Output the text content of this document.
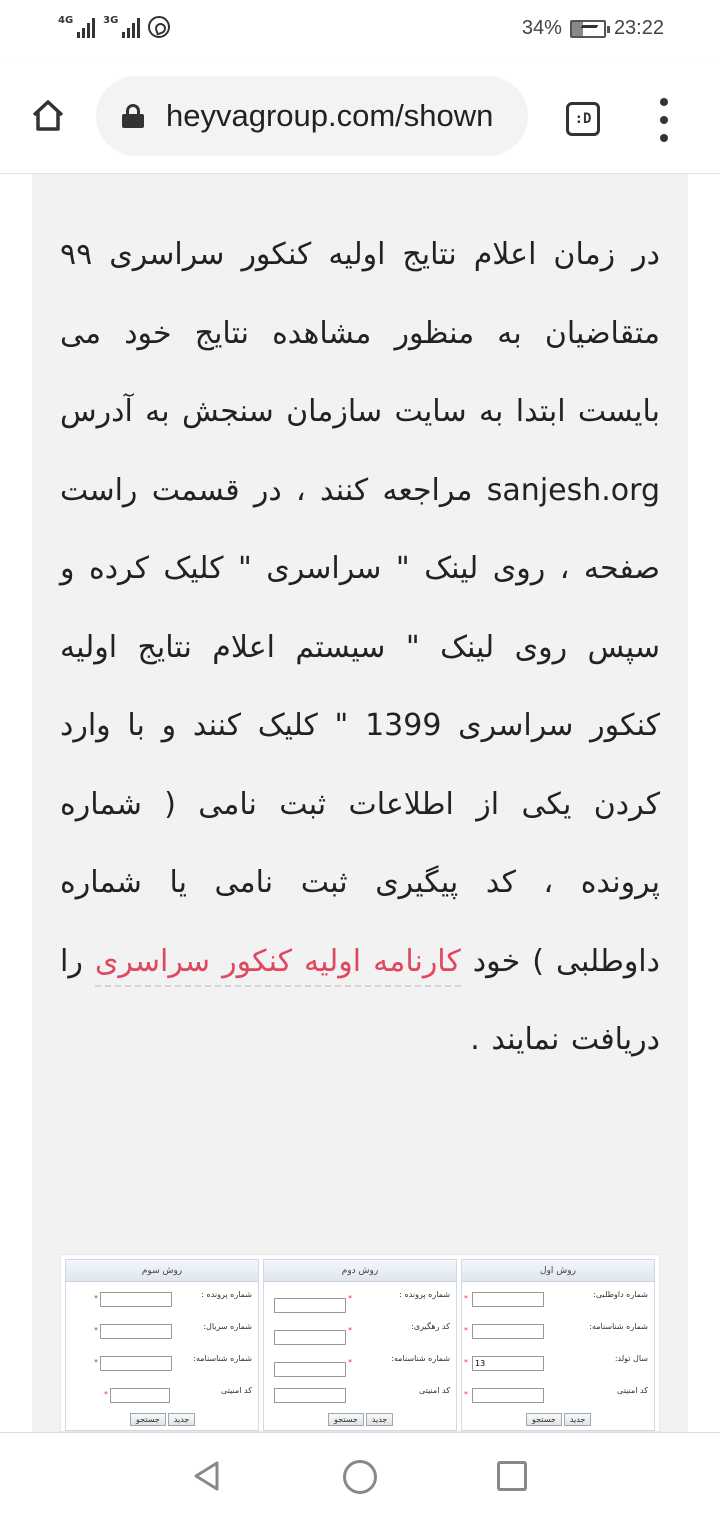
4G	3G	34%	23:22
heyvagroup.com/shown	:D

در زمان اعلام نتایج اولیه کنکور سراسری ۹۹ متقاضیان به منظور مشاهده نتایج خود می بایست ابتدا به سایت سازمان سنجش به آدرس sanjesh.org مراجعه کنند ، در قسمت راست صفحه ، روی لینک " سراسری " کلیک کرده و سپس روی لینک " سیستم اعلام نتایج اولیه کنکور سراسری 1399 " کلیک کنند و با وارد کردن یکی از اطلاعات ثبت نامی ( شماره پرونده ، کد پیگیری ثبت نامی یا شماره داوطلبی ) خود کارنامه اولیه کنکور سراسری را دریافت نمایند .

روش اول
شماره داوطلبی:
*
شماره شناسنامه:
*
سال تولد:
* 13
کد امنیتی
*
جستجو	جدید
روش دوم
شماره پرونده :
*
کد رهگیری:
*
شماره شناسنامه:
*
کد امنیتی
جستجو	جدید
روش سوم
شماره پرونده :
*
شماره سریال:
*
شماره شناسنامه:
*
کد امنیتی
*
جستجو	جدید
